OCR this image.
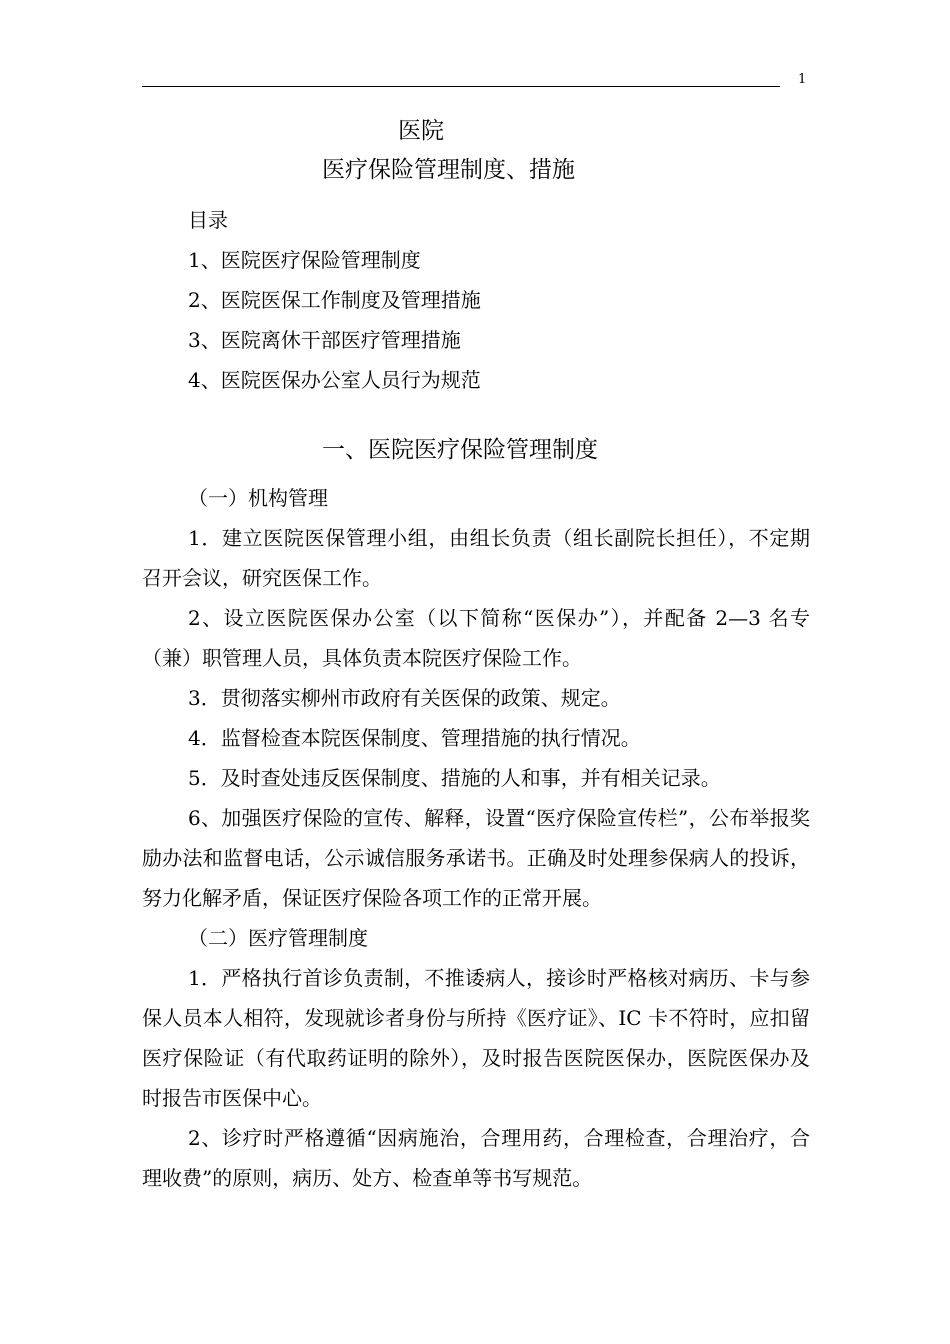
1
医院
医疗保险管理制度、措施
目录
1、医院医疗保险管理制度
2、医院医保工作制度及管理措施
3、医院离休干部医疗管理措施
4、医院医保办公室人员行为规范
一、医院医疗保险管理制度

（一）机构管理

1．建立医院医保管理小组，由组长负责（组长副院长担任），不定期召开会议，研究医保工作。

2、设立医院医保办公室（以下简称“医保办”），并配备 2—3 名专（兼）职管理人员，具体负责本院医疗保险工作。

3．贯彻落实柳州市政府有关医保的政策、规定。

4．监督检查本院医保制度、管理措施的执行情况。

5．及时查处违反医保制度、措施的人和事，并有相关记录。

6、加强医疗保险的宣传、解释，设置“医疗保险宣传栏”，公布举报奖励办法和监督电话，公示诚信服务承诺书。正确及时处理参保病人的投诉，努力化解矛盾，保证医疗保险各项工作的正常开展。

（二）医疗管理制度

1．严格执行首诊负责制，不推诿病人，接诊时严格核对病历、卡与参保人员本人相符，发现就诊者身份与所持《医疗证》、IC 卡不符时，应扣留医疗保险证（有代取药证明的除外），及时报告医院医保办，医院医保办及时报告市医保中心。

2、诊疗时严格遵循“因病施治，合理用药，合理检查，合理治疗，合理收费”的原则，病历、处方、检查单等书写规范。
